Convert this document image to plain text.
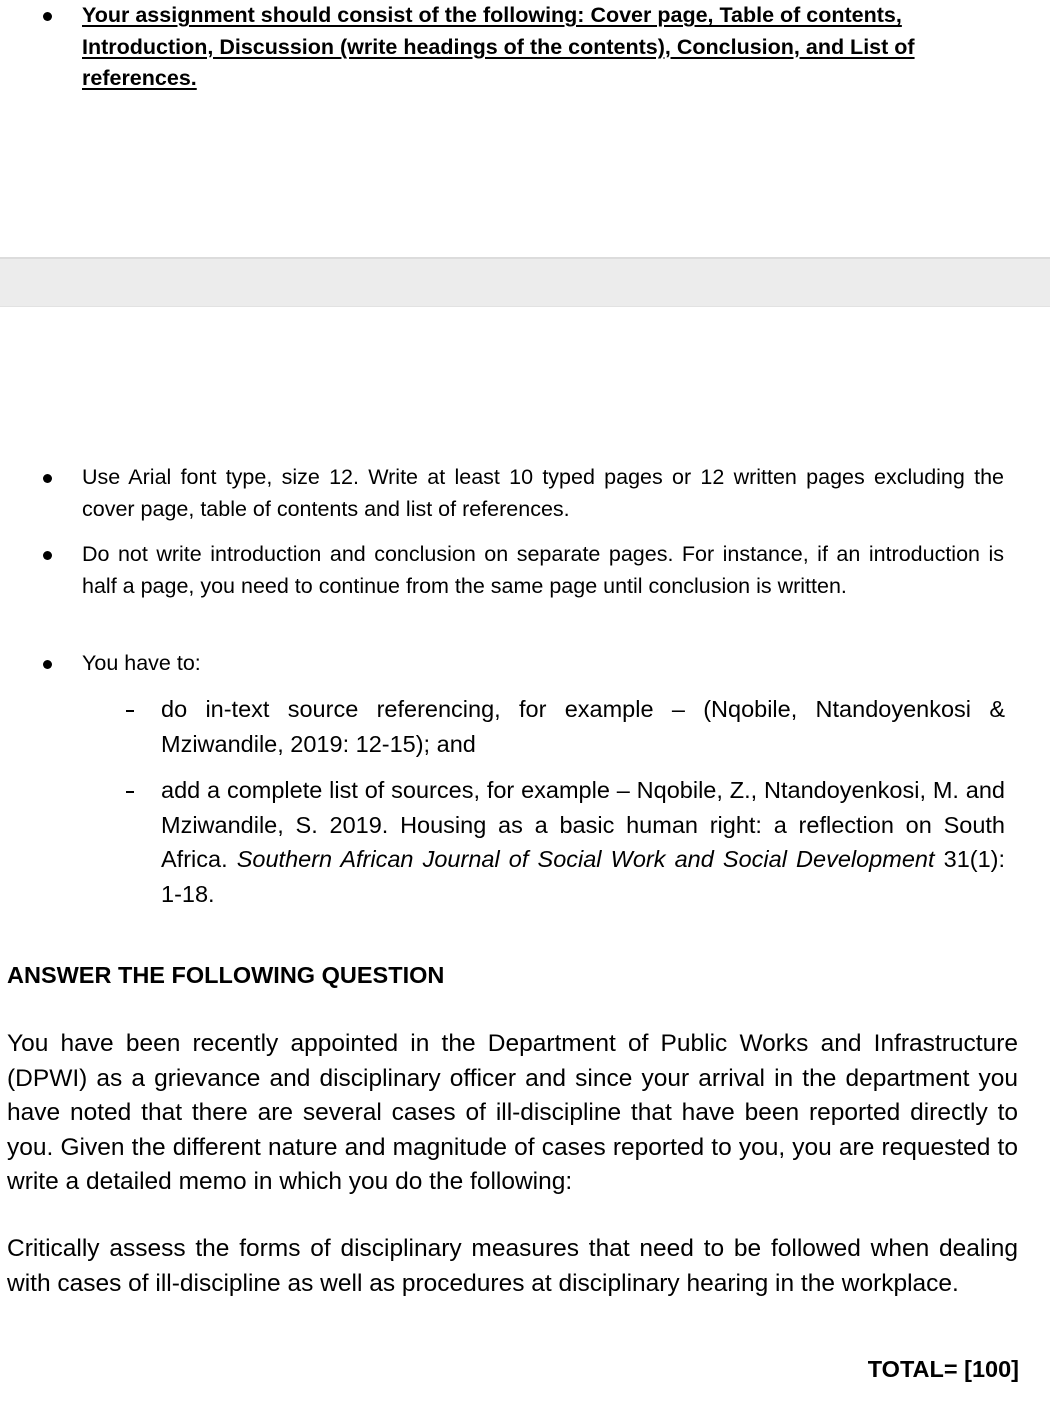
Your assignment should consist of the following: Cover page, Table of contents, Introduction, Discussion (write headings of the contents), Conclusion, and List of references.
Use Arial font type, size 12. Write at least 10 typed pages or 12 written pages excluding the cover page, table of contents and list of references.
Do not write introduction and conclusion on separate pages. For instance, if an introduction is half a page, you need to continue from the same page until conclusion is written.
You have to:
do in-text source referencing, for example – (Nqobile, Ntandoyenkosi & Mziwandile, 2019: 12-15); and
add a complete list of sources, for example – Nqobile, Z., Ntandoyenkosi, M. and Mziwandile, S. 2019. Housing as a basic human right: a reflection on South Africa. Southern African Journal of Social Work and Social Development 31(1): 1-18.
ANSWER THE FOLLOWING QUESTION
You have been recently appointed in the Department of Public Works and Infrastructure (DPWI) as a grievance and disciplinary officer and since your arrival in the department you have noted that there are several cases of ill-discipline that have been reported directly to you. Given the different nature and magnitude of cases reported to you, you are requested to write a detailed memo in which you do the following:
Critically assess the forms of disciplinary measures that need to be followed when dealing with cases of ill-discipline as well as procedures at disciplinary hearing in the workplace.
TOTAL= [100]
